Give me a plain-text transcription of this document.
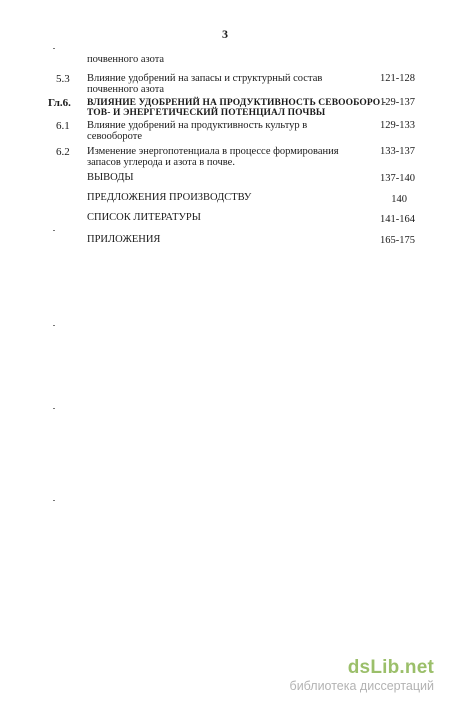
3
почвенного азота
5.3 Влияние удобрений на запасы и структурный состав
почвенного азота
121-128
Гл.6. ВЛИЯНИЕ УДОБРЕНИЙ НА ПРОДУКТИВНОСТЬ СЕВООБОРО -
ТОВ- И ЭНЕРГЕТИЧЕСКИЙ ПОТЕНЦИАЛ ПОЧВЫ
129-137
6.1 Влияние удобрений на продуктивность культур в
севообороте
129-133
6.2 Изменение энергопотенциала в процессе формирования
запасов углерода и азота в почве.
133-137
ВЫВОДЫ	137-140
ПРЕДЛОЖЕНИЯ ПРОИЗВОДСТВУ	140
СПИСОК ЛИТЕРАТУРЫ	141-164
ПРИЛОЖЕНИЯ	165-175
dsLib.net
библиотека диссертаций
